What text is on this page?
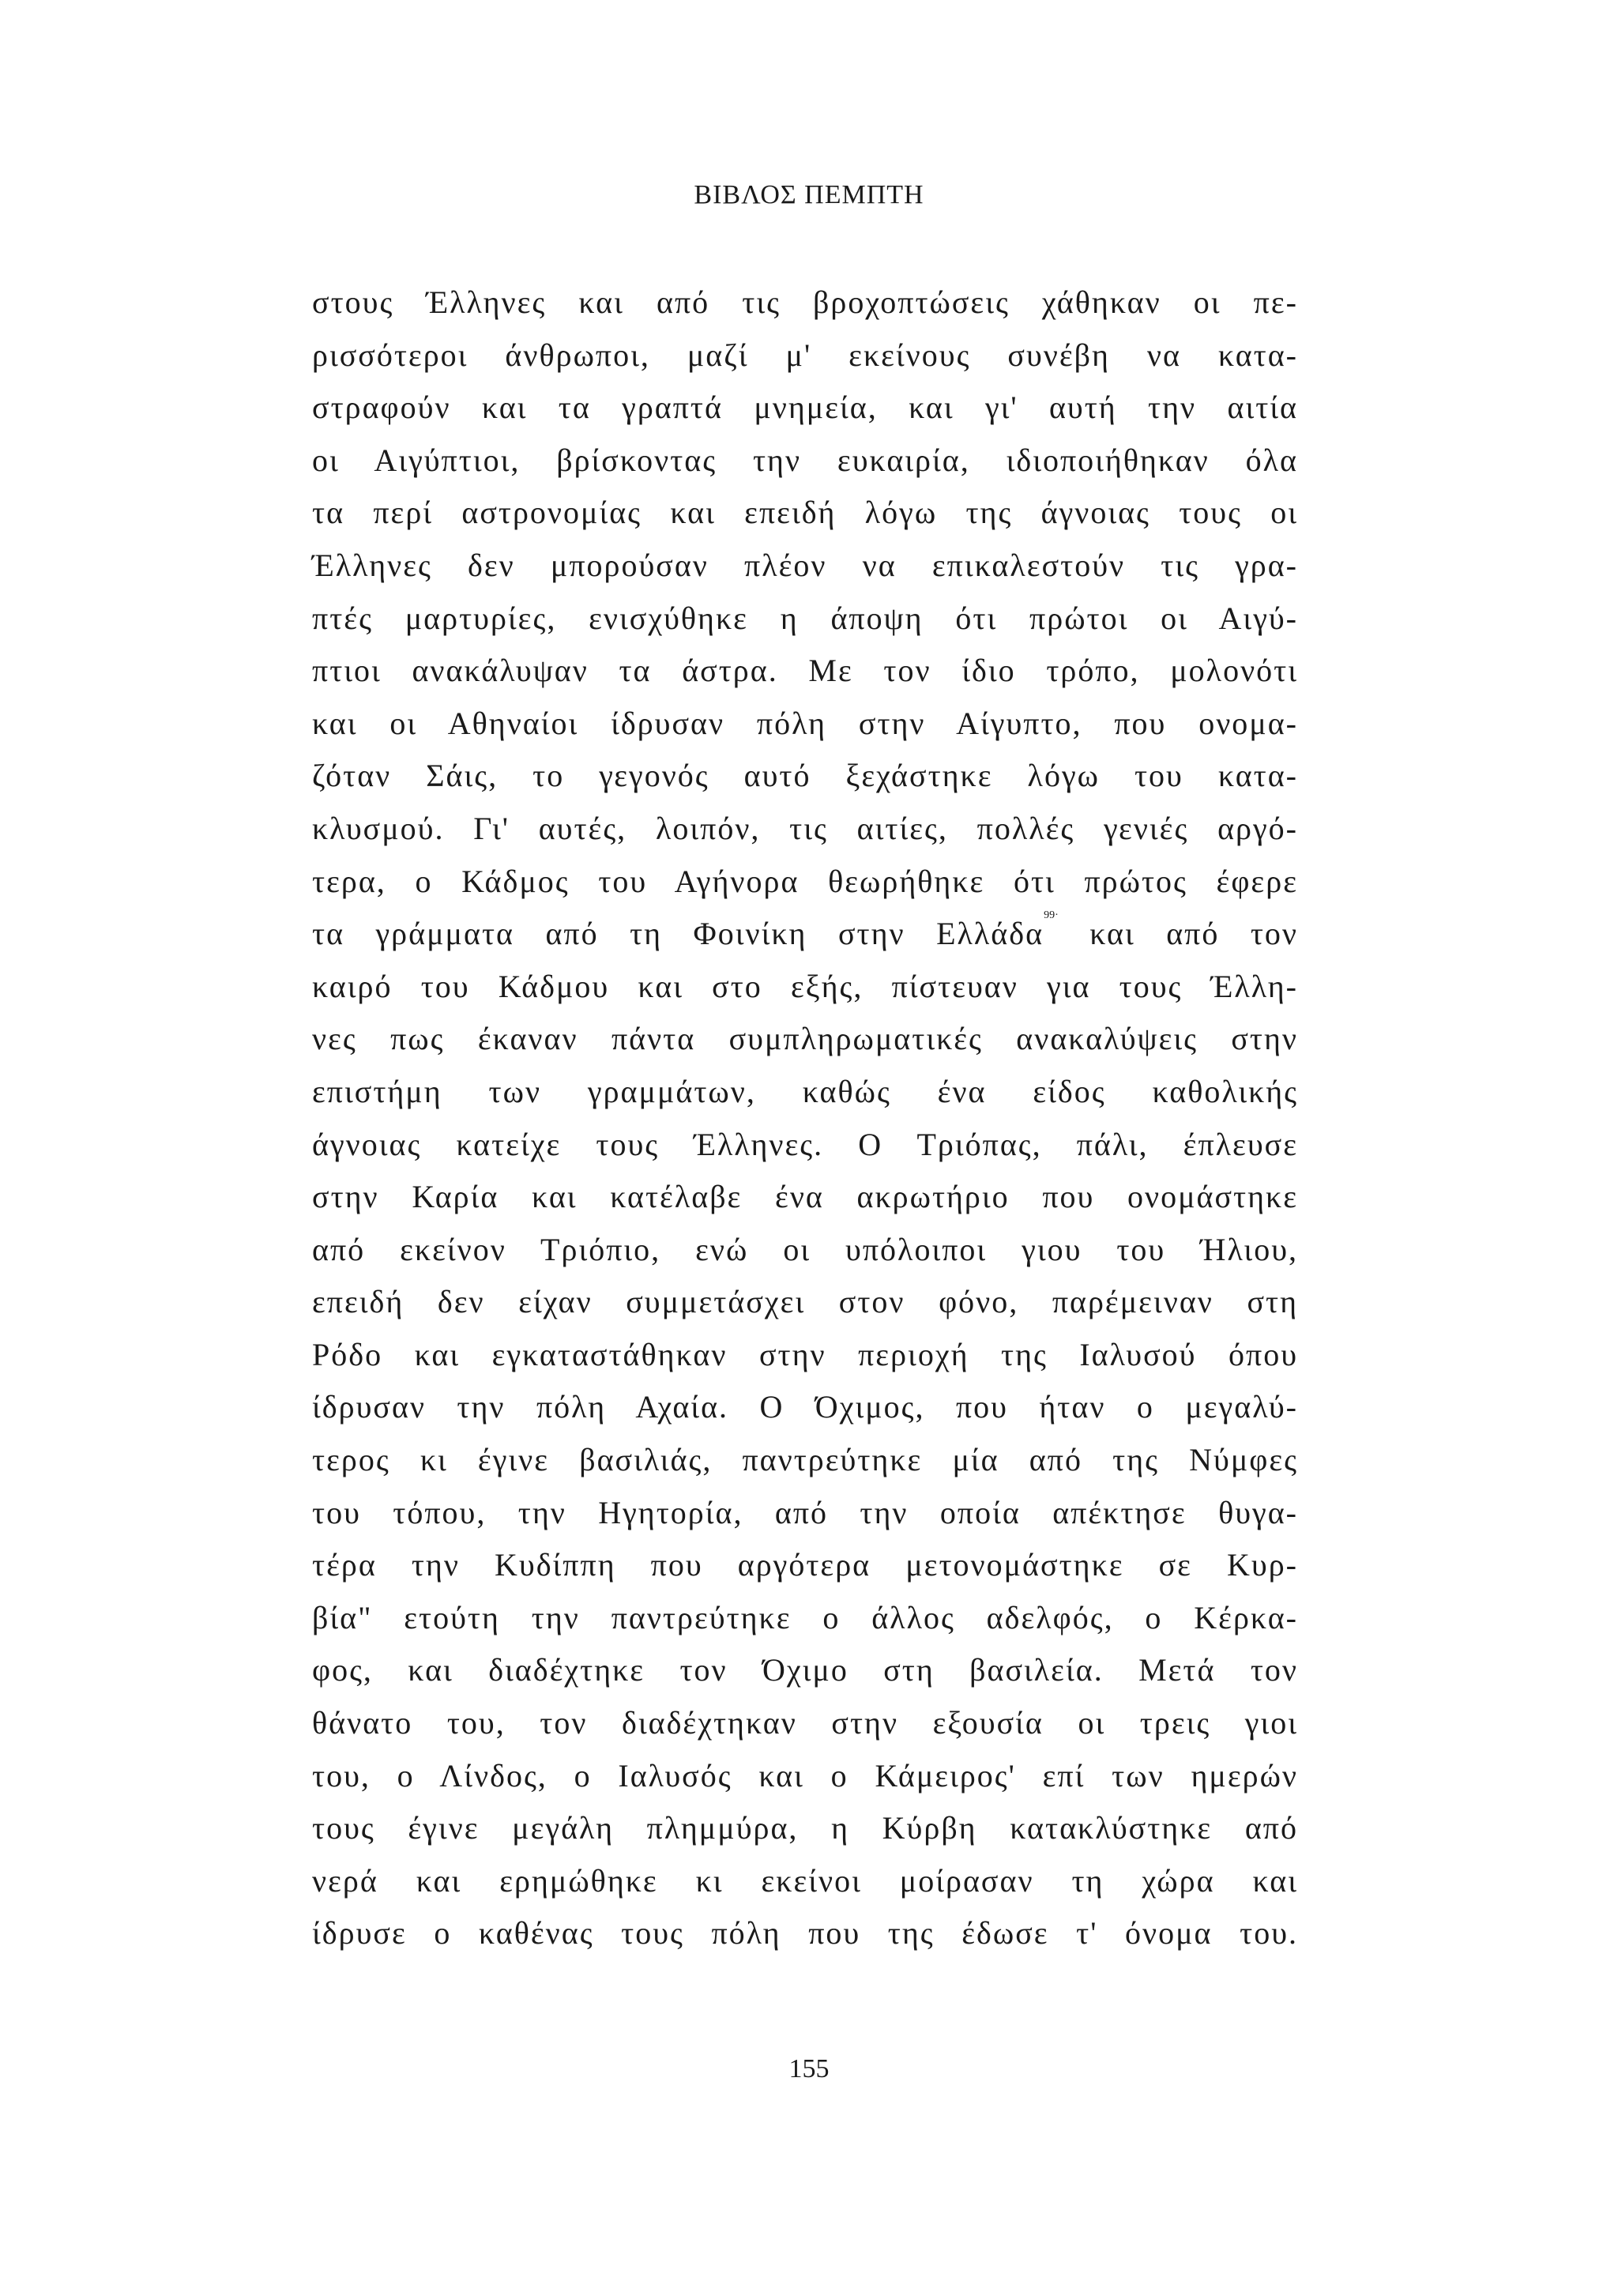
ΒΙΒΛΟΣ ΠΕΜΠΤΗ
στους Έλληνες και από τις βροχοπτώσεις χάθηκαν οι πε-
ρισσότεροι άνθρωποι, μαζί μ' εκείνους συνέβη να κατα-
στραφούν και τα γραπτά μνημεία, και γι' αυτή την αιτία
οι Αιγύπτιοι, βρίσκοντας την ευκαιρία, ιδιοποιήθηκαν όλα
τα περί αστρονομίας και επειδή λόγω της άγνοιας τους οι
Έλληνες δεν μπορούσαν πλέον να επικαλεστούν τις γρα-
πτές μαρτυρίες, ενισχύθηκε η άποψη ότι πρώτοι οι Αιγύ-
πτιοι ανακάλυψαν τα άστρα. Με τον ίδιο τρόπο, μολονότι
και οι Αθηναίοι ίδρυσαν πόλη στην Αίγυπτο, που ονομα-
ζόταν Σάις, το γεγονός αυτό ξεχάστηκε λόγω του κατα-
κλυσμού. Γι' αυτές, λοιπόν, τις αιτίες, πολλές γενιές αργό-
τερα, ο Κάδμος του Αγήνορα θεωρήθηκε ότι πρώτος έφερε
τα γράμματα από τη Φοινίκη στην Ελλάδα$^{99\cdot}$ και από τον
καιρό του Κάδμου και στο εξής, πίστευαν για τους Έλλη-
νες πως έκαναν πάντα συμπληρωματικές ανακαλύψεις στην
επιστήμη των γραμμάτων, καθώς ένα είδος καθολικής
άγνοιας κατείχε τους Έλληνες. Ο Τριόπας, πάλι, έπλευσε
στην Καρία και κατέλαβε ένα ακρωτήριο που ονομάστηκε
από εκείνον Τριόπιο, ενώ οι υπόλοιποι γιου του Ήλιου,
επειδή δεν είχαν συμμετάσχει στον φόνο, παρέμειναν στη
Ρόδο και εγκαταστάθηκαν στην περιοχή της Ιαλυσού όπου
ίδρυσαν την πόλη Αχαία. Ο Όχιμος, που ήταν ο μεγαλύ-
τερος κι έγινε βασιλιάς, παντρεύτηκε μία από της Νύμφες
του τόπου, την Ηγητορία, από την οποία απέκτησε θυγα-
τέρα την Κυδίππη που αργότερα μετονομάστηκε σε Κυρ-
βία" ετούτη την παντρεύτηκε ο άλλος αδελφός, ο Κέρκα-
φος, και διαδέχτηκε τον Όχιμο στη βασιλεία. Μετά τον
θάνατο του, τον διαδέχτηκαν στην εξουσία οι τρεις γιοι
του, ο Λίνδος, ο Ιαλυσός και ο Κάμειρος' επί των ημερών
τους έγινε μεγάλη πλημμύρα, η Κύρβη κατακλύστηκε από
νερά και ερημώθηκε κι εκείνοι μοίρασαν τη χώρα και
ίδρυσε ο καθένας τους πόλη που της έδωσε τ' όνομα του.
155
